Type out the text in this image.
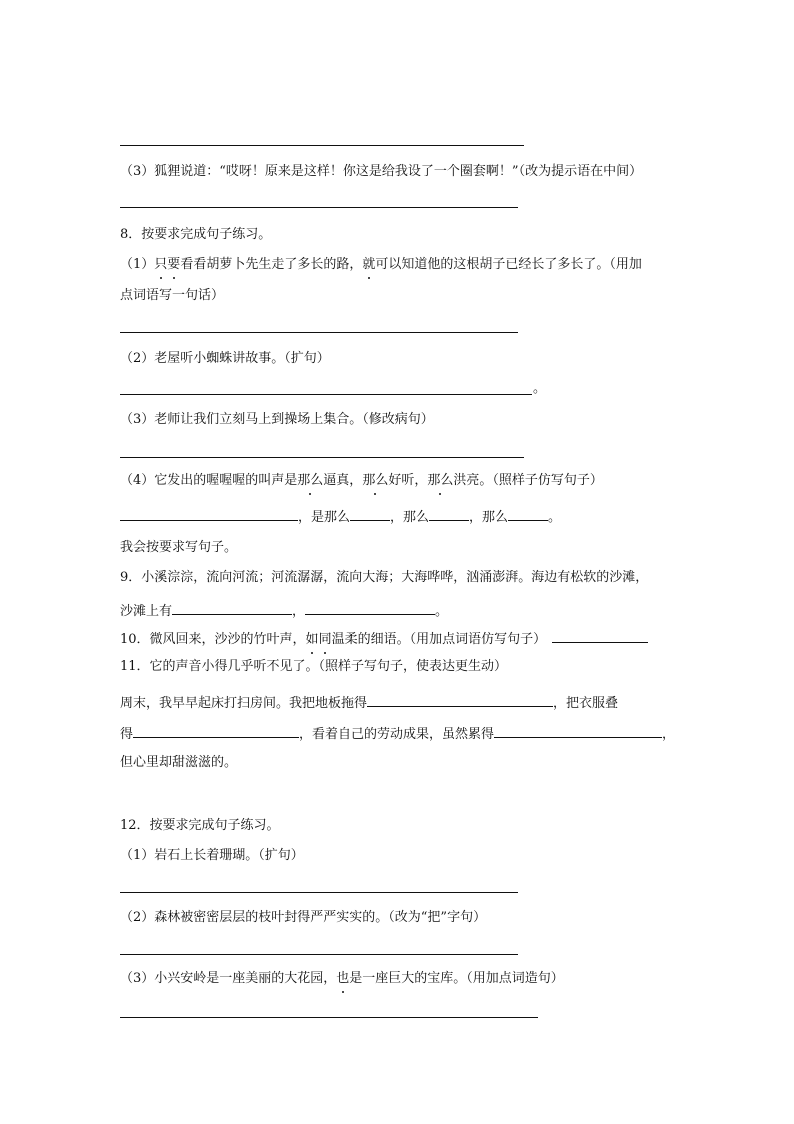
（3）狐狸说道：“哎呀！原来是这样！你这是给我设了一个圈套啊！”（改为提示语在中间）
8．按要求完成句子练习。
（1）只要看看胡萝卜先生走了多长的路，就可以知道他的这根胡子已经长了多长了。（用加
点词语写一句话）
（2）老屋听小蜘蛛讲故事。（扩句）
。
（3）老师让我们立刻马上到操场上集合。（修改病句）
（4）它发出的喔喔喔的叫声是那么逼真，那么好听，那么洪亮。（照样子仿写句子）
，是那么	，那么	，那么	。
我会按要求写句子。
9．小溪淙淙，流向河流；河流潺潺，流向大海；大海哗哗，汹涌澎湃。海边有松软的沙滩，
沙滩上有	，	。
10．微风回来，沙沙的竹叶声，如同温柔的细语。（用加点词语仿写句子）
11．它的声音小得几乎听不见了。（照样子写句子，使表达更生动）
周末，我早早起床打扫房间。我把地板拖得	，把衣服叠
得	，看着自己的劳动成果，虽然累得	，
但心里却甜滋滋的。
12．按要求完成句子练习。
（1）岩石上长着珊瑚。（扩句）
（2）森林被密密层层的枝叶封得严严实实的。（改为“把”字句）
（3）小兴安岭是一座美丽的大花园，也是一座巨大的宝库。（用加点词造句）
